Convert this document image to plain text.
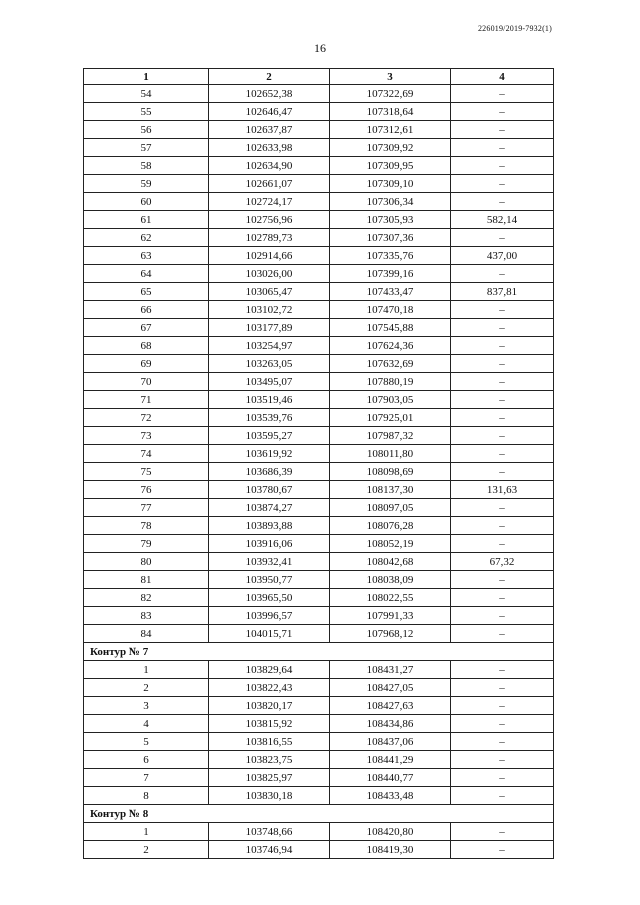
226019/2019-7932(1)
16
1	2	3	4
54	102652,38	107322,69	–
55	102646,47	107318,64	–
56	102637,87	107312,61	–
57	102633,98	107309,92	–
58	102634,90	107309,95	–
59	102661,07	107309,10	–
60	102724,17	107306,34	–
61	102756,96	107305,93	582,14
62	102789,73	107307,36	–
63	102914,66	107335,76	437,00
64	103026,00	107399,16	–
65	103065,47	107433,47	837,81
66	103102,72	107470,18	–
67	103177,89	107545,88	–
68	103254,97	107624,36	–
69	103263,05	107632,69	–
70	103495,07	107880,19	–
71	103519,46	107903,05	–
72	103539,76	107925,01	–
73	103595,27	107987,32	–
74	103619,92	108011,80	–
75	103686,39	108098,69	–
76	103780,67	108137,30	131,63
77	103874,27	108097,05	–
78	103893,88	108076,28	–
79	103916,06	108052,19	–
80	103932,41	108042,68	67,32
81	103950,77	108038,09	–
82	103965,50	108022,55	–
83	103996,57	107991,33	–
84	104015,71	107968,12	–
Контур № 7			
1	103829,64	108431,27	–
2	103822,43	108427,05	–
3	103820,17	108427,63	–
4	103815,92	108434,86	–
5	103816,55	108437,06	–
6	103823,75	108441,29	–
7	103825,97	108440,77	–
8	103830,18	108433,48	–
Контур № 8			
1	103748,66	108420,80	–
2	103746,94	108419,30	–
